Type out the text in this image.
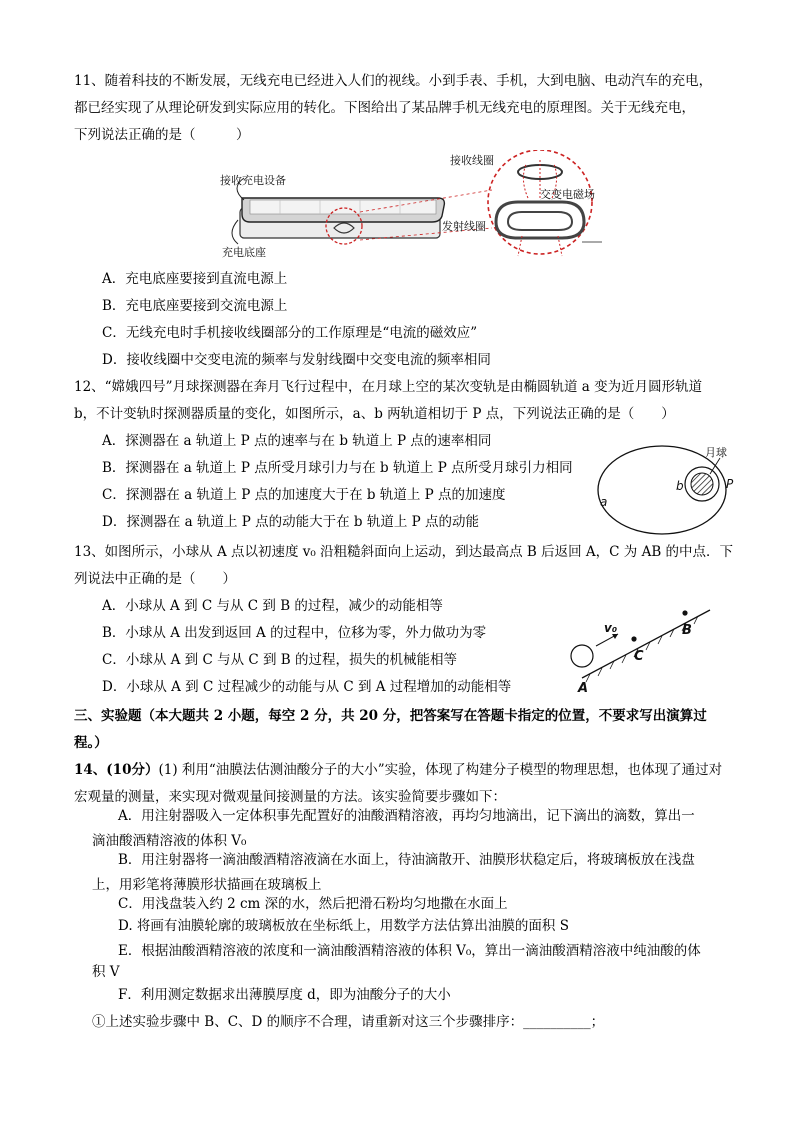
11、随着科技的不断发展，无线充电已经进入人们的视线。小到手表、手机，大到电脑、电动汽车的充电，
都已经实现了从理论研发到实际应用的转化。下图给出了某品牌手机无线充电的原理图。关于无线充电，
下列说法正确的是（　　　）
接收充电设备
充电底座
接收线圈
交变电磁场
发射线圈
A．充电底座要接到直流电源上
B．充电底座要接到交流电源上
C．无线充电时手机接收线圈部分的工作原理是“电流的磁效应”
D．接收线圈中交变电流的频率与发射线圈中交变电流的频率相同
12、“嫦娥四号”月球探测器在奔月飞行过程中，在月球上空的某次变轨是由椭圆轨道 a 变为近月圆形轨道
b，不计变轨时探测器质量的变化，如图所示，a、b 两轨道相切于 P 点，下列说法正确的是（　　）
A．探测器在 a 轨道上 P 点的速率与在 b 轨道上 P 点的速率相同
B．探测器在 a 轨道上 P 点所受月球引力与在 b 轨道上 P 点所受月球引力相同
C．探测器在 a 轨道上 P 点的加速度大于在 b 轨道上 P 点的加速度
D．探测器在 a 轨道上 P 点的动能大于在 b 轨道上 P 点的动能
月球
b
a
P
13、如图所示，小球从 A 点以初速度 v₀ 沿粗糙斜面向上运动，到达最高点 B 后返回 A，C 为 AB 的中点．下
列说法中正确的是（　　）
A．小球从 A 到 C 与从 C 到 B 的过程，减少的动能相等
B．小球从 A 出发到返回 A 的过程中，位移为零，外力做功为零
C．小球从 A 到 C 与从 C 到 B 的过程，损失的机械能相等
D．小球从 A 到 C 过程减少的动能与从 C 到 A 过程增加的动能相等
v₀
A
C
B
三、实验题（本大题共 2 小题，每空 2 分，共 20 分，把答案写在答题卡指定的位置，不要求写出演算过
程。）
14、(10分）(1) 利用“油膜法估测油酸分子的大小”实验，体现了构建分子模型的物理思想，也体现了通过对
宏观量的测量，来实现对微观量间接测量的方法。该实验简要步骤如下：
A．用注射器吸入一定体积事先配置好的油酸酒精溶液，再均匀地滴出，记下滴出的滴数，算出一
滴油酸酒精溶液的体积 V₀
B．用注射器将一滴油酸酒精溶液滴在水面上，待油滴散开、油膜形状稳定后，将玻璃板放在浅盘
上，用彩笔将薄膜形状描画在玻璃板上
C．用浅盘装入约 2 cm 深的水，然后把滑石粉均匀地撒在水面上
D. 将画有油膜轮廓的玻璃板放在坐标纸上，用数学方法估算出油膜的面积 S
E．根据油酸酒精溶液的浓度和一滴油酸酒精溶液的体积 V₀，算出一滴油酸酒精溶液中纯油酸的体
积 V
F．利用测定数据求出薄膜厚度 d，即为油酸分子的大小
①上述实验步骤中 B、C、D 的顺序不合理，请重新对这三个步骤排序：__________；
